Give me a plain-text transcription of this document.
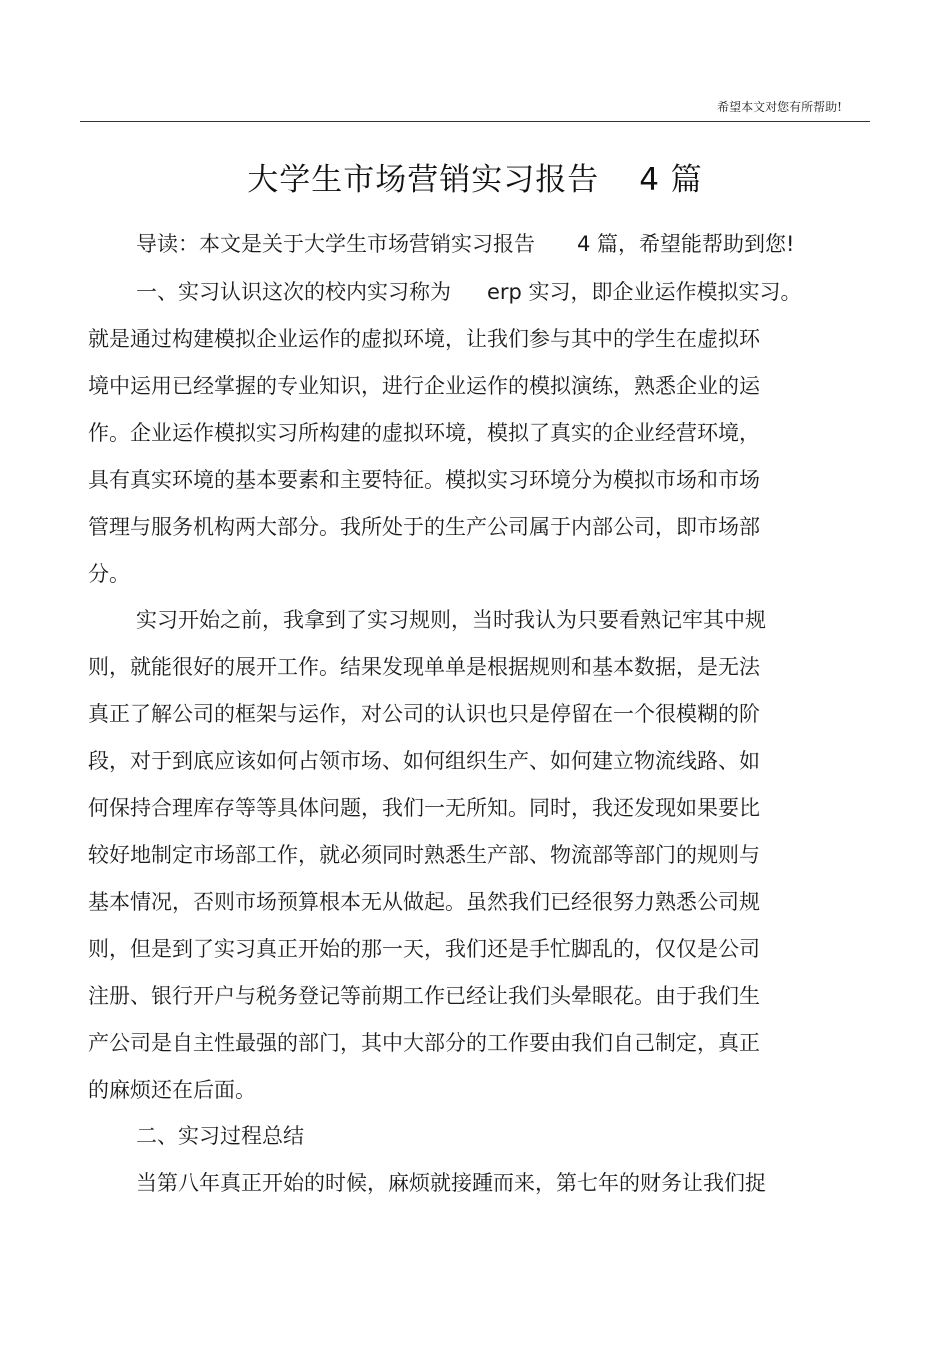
希望本文对您有所帮助!
大学生市场营销实习报告 4 篇
导读：本文是关于大学生市场营销实习报告 4 篇，希望能帮助到您!
一、实习认识这次的校内实习称为 erp 实习，即企业运作模拟实习。
就是通过构建模拟企业运作的虚拟环境，让我们参与其中的学生在虚拟环
境中运用已经掌握的专业知识，进行企业运作的模拟演练，熟悉企业的运
作。企业运作模拟实习所构建的虚拟环境，模拟了真实的企业经营环境，
具有真实环境的基本要素和主要特征。模拟实习环境分为模拟市场和市场
管理与服务机构两大部分。我所处于的生产公司属于内部公司，即市场部
分。
实习开始之前，我拿到了实习规则，当时我认为只要看熟记牢其中规
则，就能很好的展开工作。结果发现单单是根据规则和基本数据，是无法
真正了解公司的框架与运作，对公司的认识也只是停留在一个很模糊的阶
段，对于到底应该如何占领市场、如何组织生产、如何建立物流线路、如
何保持合理库存等等具体问题，我们一无所知。同时，我还发现如果要比
较好地制定市场部工作，就必须同时熟悉生产部、物流部等部门的规则与
基本情况，否则市场预算根本无从做起。虽然我们已经很努力熟悉公司规
则，但是到了实习真正开始的那一天，我们还是手忙脚乱的，仅仅是公司
注册、银行开户与税务登记等前期工作已经让我们头晕眼花。由于我们生
产公司是自主性最强的部门，其中大部分的工作要由我们自己制定，真正
的麻烦还在后面。
二、实习过程总结
当第八年真正开始的时候，麻烦就接踵而来，第七年的财务让我们捉
